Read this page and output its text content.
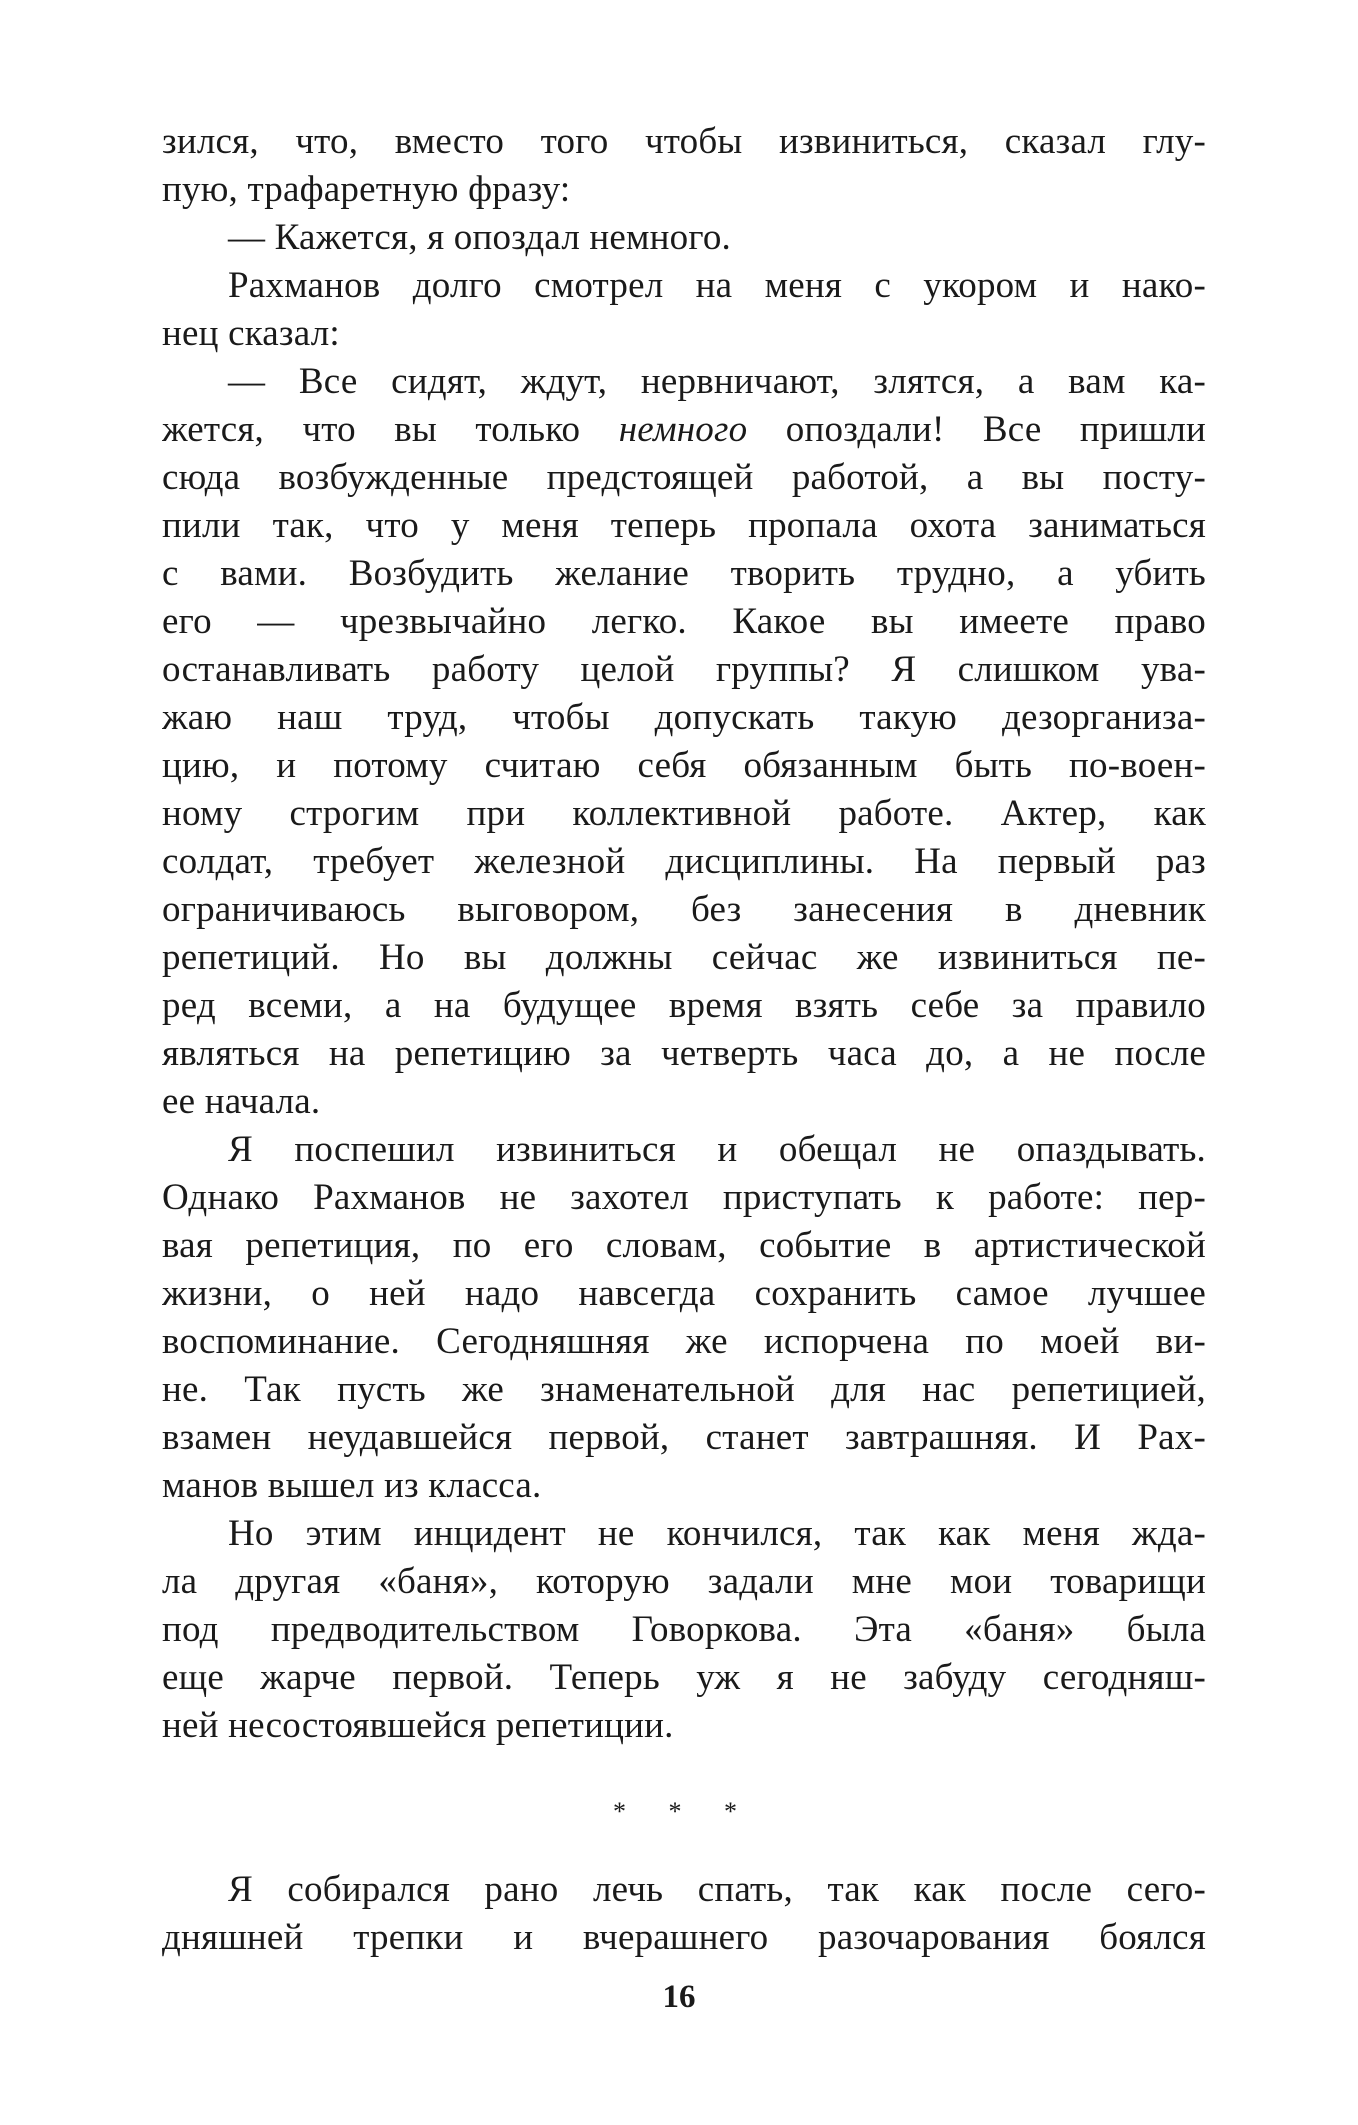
зился, что, вместо того чтобы извиниться, сказал глу-
пую, трафаретную фразу:
— Кажется, я опоздал немного.
Рахманов долго смотрел на меня с укором и нако-
нец сказал:
— Все сидят, ждут, нервничают, злятся, а вам ка-
жется, что вы только немного опоздали! Все пришли
сюда возбужденные предстоящей работой, а вы посту-
пили так, что у меня теперь пропала охота заниматься
с вами. Возбудить желание творить трудно, а убить
его — чрезвычайно легко. Какое вы имеете право
останавливать работу целой группы? Я слишком ува-
жаю наш труд, чтобы допускать такую дезорганиза-
цию, и потому считаю себя обязанным быть по-воен-
ному строгим при коллективной работе. Актер, как
солдат, требует железной дисциплины. На первый раз
ограничиваюсь выговором, без занесения в дневник
репетиций. Но вы должны сейчас же извиниться пе-
ред всеми, а на будущее время взять себе за правило
являться на репетицию за четверть часа до, а не после
ее начала.
Я поспешил извиниться и обещал не опаздывать.
Однако Рахманов не захотел приступать к работе: пер-
вая репетиция, по его словам, событие в артистической
жизни, о ней надо навсегда сохранить самое лучшее
воспоминание. Сегодняшняя же испорчена по моей ви-
не. Так пусть же знаменательной для нас репетицией,
взамен неудавшейся первой, станет завтрашняя. И Рах-
манов вышел из класса.
Но этим инцидент не кончился, так как меня жда-
ла другая «баня», которую задали мне мои товарищи
под предводительством Говоркова. Эта «баня» была
еще жарче первой. Теперь уж я не забуду сегодняш-
ней несостоявшейся репетиции.
* * *
Я собирался рано лечь спать, так как после сего-
дняшней трепки и вчерашнего разочарования боялся
16
